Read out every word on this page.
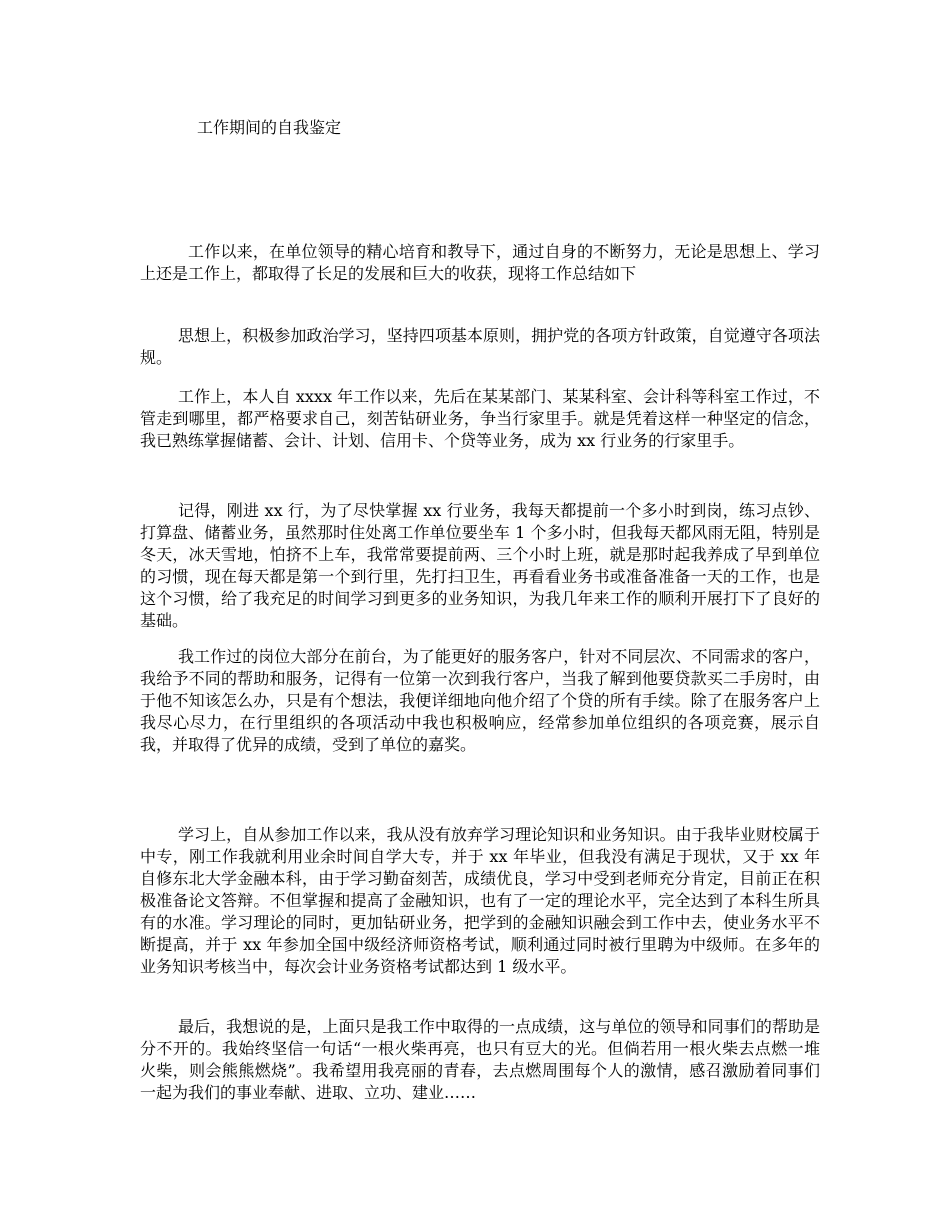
工作期间的自我鉴定

工作以来，在单位领导的精心培育和教导下，通过自身的不断努力，无论是思想上、学习上还是工作上，都取得了长足的发展和巨大的收获，现将工作总结如下

思想上，积极参加政治学习，坚持四项基本原则，拥护党的各项方针政策，自觉遵守各项法规。

工作上，本人自 xxxx 年工作以来，先后在某某部门、某某科室、会计科等科室工作过，不管走到哪里，都严格要求自己，刻苦钻研业务，争当行家里手。就是凭着这样一种坚定的信念，我已熟练掌握储蓄、会计、计划、信用卡、个贷等业务，成为 xx 行业务的行家里手。

记得，刚进 xx 行，为了尽快掌握 xx 行业务，我每天都提前一个多小时到岗，练习点钞、打算盘、储蓄业务，虽然那时住处离工作单位要坐车 1 个多小时，但我每天都风雨无阻，特别是冬天，冰天雪地，怕挤不上车，我常常要提前两、三个小时上班，就是那时起我养成了早到单位的习惯，现在每天都是第一个到行里，先打扫卫生，再看看业务书或准备准备一天的工作，也是这个习惯，给了我充足的时间学习到更多的业务知识，为我几年来工作的顺利开展打下了良好的基础。

我工作过的岗位大部分在前台，为了能更好的服务客户，针对不同层次、不同需求的客户，我给予不同的帮助和服务，记得有一位第一次到我行客户，当我了解到他要贷款买二手房时，由于他不知该怎么办，只是有个想法，我便详细地向他介绍了个贷的所有手续。除了在服务客户上我尽心尽力，在行里组织的各项活动中我也积极响应，经常参加单位组织的各项竞赛，展示自我，并取得了优异的成绩，受到了单位的嘉奖。

学习上，自从参加工作以来，我从没有放弃学习理论知识和业务知识。由于我毕业财校属于中专，刚工作我就利用业余时间自学大专，并于 xx 年毕业，但我没有满足于现状，又于 xx 年自修东北大学金融本科，由于学习勤奋刻苦，成绩优良，学习中受到老师充分肯定，目前正在积极准备论文答辩。不但掌握和提高了金融知识，也有了一定的理论水平，完全达到了本科生所具有的水准。学习理论的同时，更加钻研业务，把学到的金融知识融会到工作中去，使业务水平不断提高，并于 xx 年参加全国中级经济师资格考试，顺利通过同时被行里聘为中级师。在多年的业务知识考核当中，每次会计业务资格考试都达到 1 级水平。

最后，我想说的是，上面只是我工作中取得的一点成绩，这与单位的领导和同事们的帮助是分不开的。我始终坚信一句话“一根火柴再亮，也只有豆大的光。但倘若用一根火柴去点燃一堆火柴，则会熊熊燃烧”。我希望用我亮丽的青春，去点燃周围每个人的激情，感召激励着同事们一起为我们的事业奉献、进取、立功、建业……
